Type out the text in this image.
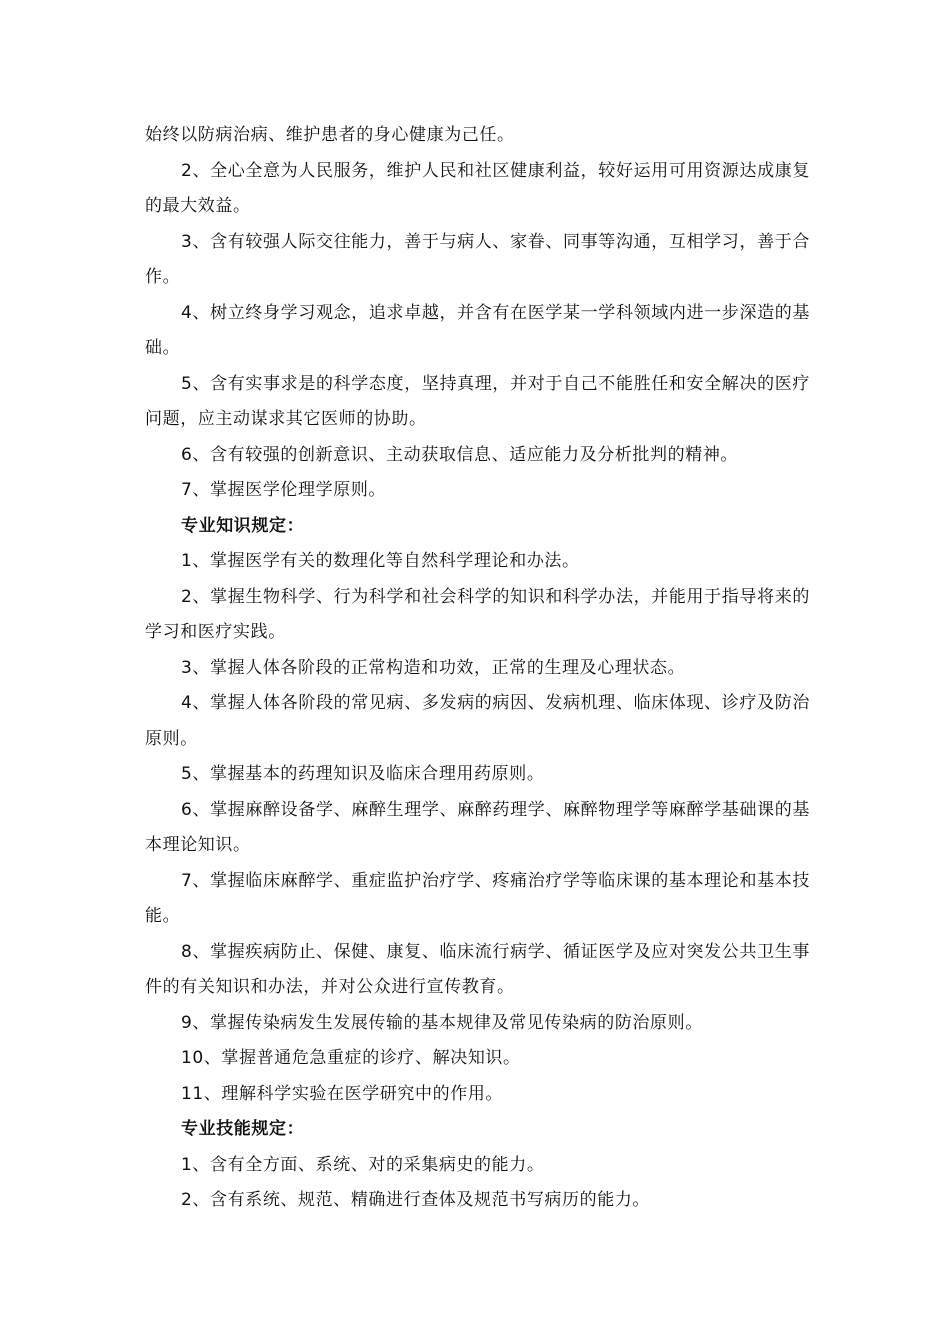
始终以防病治病、维护患者的身心健康为己任。

2、全心全意为人民服务，维护人民和社区健康利益，较好运用可用资源达成康复的最大效益。

3、含有较强人际交往能力，善于与病人、家眷、同事等沟通，互相学习，善于合作。

4、树立终身学习观念，追求卓越，并含有在医学某一学科领域内进一步深造的基础。

5、含有实事求是的科学态度，坚持真理，并对于自己不能胜任和安全解决的医疗问题，应主动谋求其它医师的协助。

6、含有较强的创新意识、主动获取信息、适应能力及分析批判的精神。

7、掌握医学伦理学原则。

专业知识规定：

1、掌握医学有关的数理化等自然科学理论和办法。

2、掌握生物科学、行为科学和社会科学的知识和科学办法，并能用于指导将来的学习和医疗实践。

3、掌握人体各阶段的正常构造和功效，正常的生理及心理状态。

4、掌握人体各阶段的常见病、多发病的病因、发病机理、临床体现、诊疗及防治原则。

5、掌握基本的药理知识及临床合理用药原则。

6、掌握麻醉设备学、麻醉生理学、麻醉药理学、麻醉物理学等麻醉学基础课的基本理论知识。

7、掌握临床麻醉学、重症监护治疗学、疼痛治疗学等临床课的基本理论和基本技能。

8、掌握疾病防止、保健、康复、临床流行病学、循证医学及应对突发公共卫生事件的有关知识和办法，并对公众进行宣传教育。

9、掌握传染病发生发展传输的基本规律及常见传染病的防治原则。

10、掌握普通危急重症的诊疗、解决知识。

11、理解科学实验在医学研究中的作用。

专业技能规定：

1、含有全方面、系统、对的采集病史的能力。

2、含有系统、规范、精确进行查体及规范书写病历的能力。
